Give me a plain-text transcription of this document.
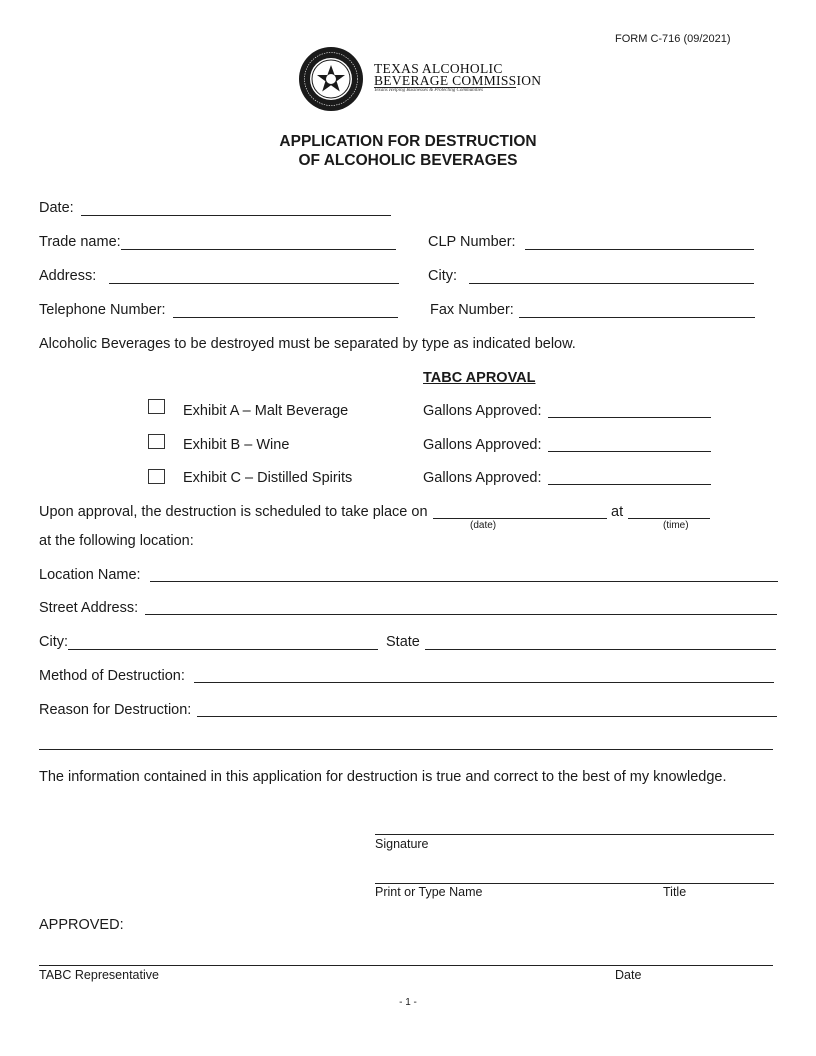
FORM C-716 (09/2021)
TEXAS ALCOHOLIC
BEVERAGE COMMISSION
Texans Helping Businesses & Protecting Communities
APPLICATION FOR DESTRUCTION
OF ALCOHOLIC BEVERAGES
Date:
Trade name:	CLP Number:
Address:	City:
Telephone Number:	Fax Number:
Alcoholic Beverages to be destroyed must be separated by type as indicated below.
TABC APROVAL
Exhibit A – Malt Beverage	Gallons Approved:
Exhibit B – Wine	Gallons Approved:
Exhibit C – Distilled Spirits	Gallons Approved:
Upon approval, the destruction is scheduled to take place on
(date)
at
(time)
at the following location:
Location Name:
Street Address:
City:	State
Method of Destruction:
Reason for Destruction:
The information contained in this application for destruction is true and correct to the best of my knowledge.
Signature
Print or Type Name	Title
APPROVED:
TABC Representative	Date
- 1 -
